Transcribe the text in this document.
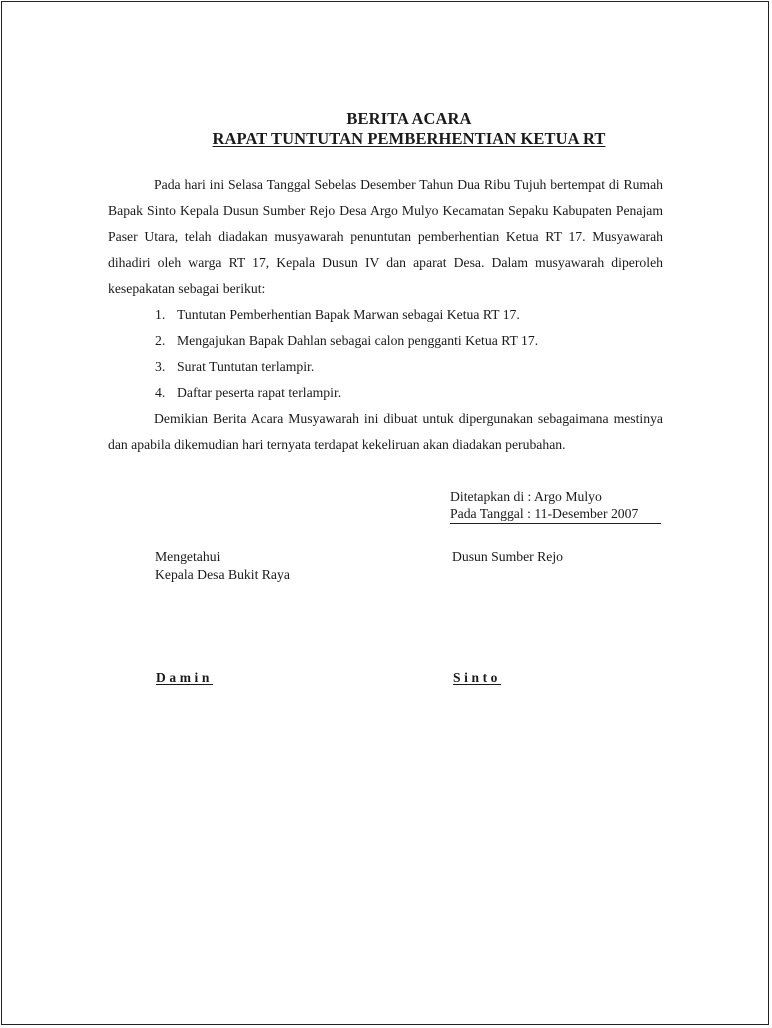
BERITA ACARA
RAPAT TUNTUTAN PEMBERHENTIAN KETUA RT

Pada hari ini Selasa Tanggal Sebelas Desember Tahun Dua Ribu Tujuh bertempat di Rumah Bapak Sinto Kepala Dusun Sumber Rejo Desa Argo Mulyo Kecamatan Sepaku Kabupaten Penajam Paser Utara, telah diadakan musyawarah penuntutan pemberhentian Ketua RT 17. Musyawarah dihadiri oleh warga RT 17, Kepala Dusun IV dan aparat Desa. Dalam musyawarah diperoleh kesepakatan sebagai berikut:

1. Tuntutan Pemberhentian Bapak Marwan sebagai Ketua RT 17.
2. Mengajukan Bapak Dahlan sebagai calon pengganti Ketua RT 17.
3. Surat Tuntutan terlampir.
4. Daftar peserta rapat terlampir.

Demikian Berita Acara Musyawarah ini dibuat untuk dipergunakan sebagaimana mestinya dan apabila dikemudian hari ternyata terdapat kekeliruan akan diadakan perubahan.

Ditetapkan di : Argo Mulyo
Pada Tanggal : 11-Desember 2007
Mengetahui
Kepala Desa Bukit Raya
Dusun Sumber Rejo
Damin	Sinto
